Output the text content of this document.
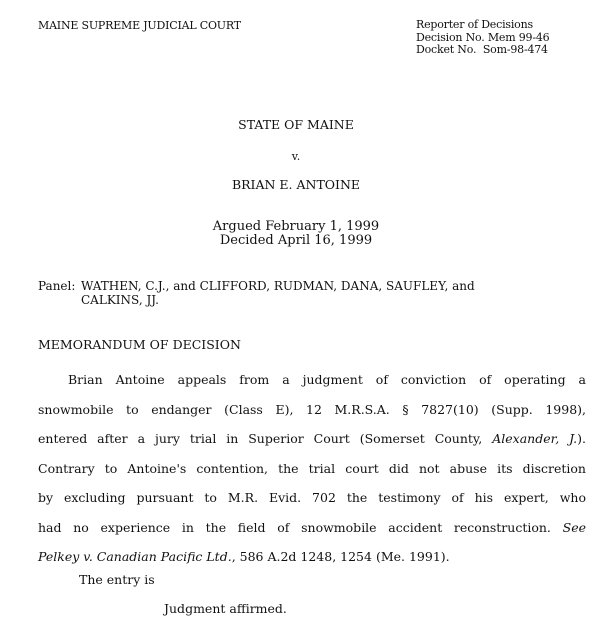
MAINE SUPREME JUDICIAL COURT	Reporter of Decisions
Decision No. Mem 99-46
Docket No.  Som-98-474
STATE OF MAINE
v.
BRIAN E. ANTOINE
Argued February 1, 1999
Decided April 16, 1999
Panel: WATHEN, C.J., and CLIFFORD, RUDMAN, DANA, SAUFLEY, and
CALKINS, JJ.
MEMORANDUM OF DECISION
Brian Antoine appeals from a judgment of conviction of operating a
snowmobile to endanger (Class E), 12 M.R.S.A. § 7827(10) (Supp. 1998),
entered after a jury trial in Superior Court (Somerset County, Alexander, J.).
Contrary to Antoine's contention, the trial court did not abuse its discretion
by excluding pursuant to M.R. Evid. 702 the testimony of his expert, who
had no experience in the field of snowmobile accident reconstruction. See
Pelkey v. Canadian Pacific Ltd., 586 A.2d 1248, 1254 (Me. 1991).
The entry is
Judgment affirmed.
